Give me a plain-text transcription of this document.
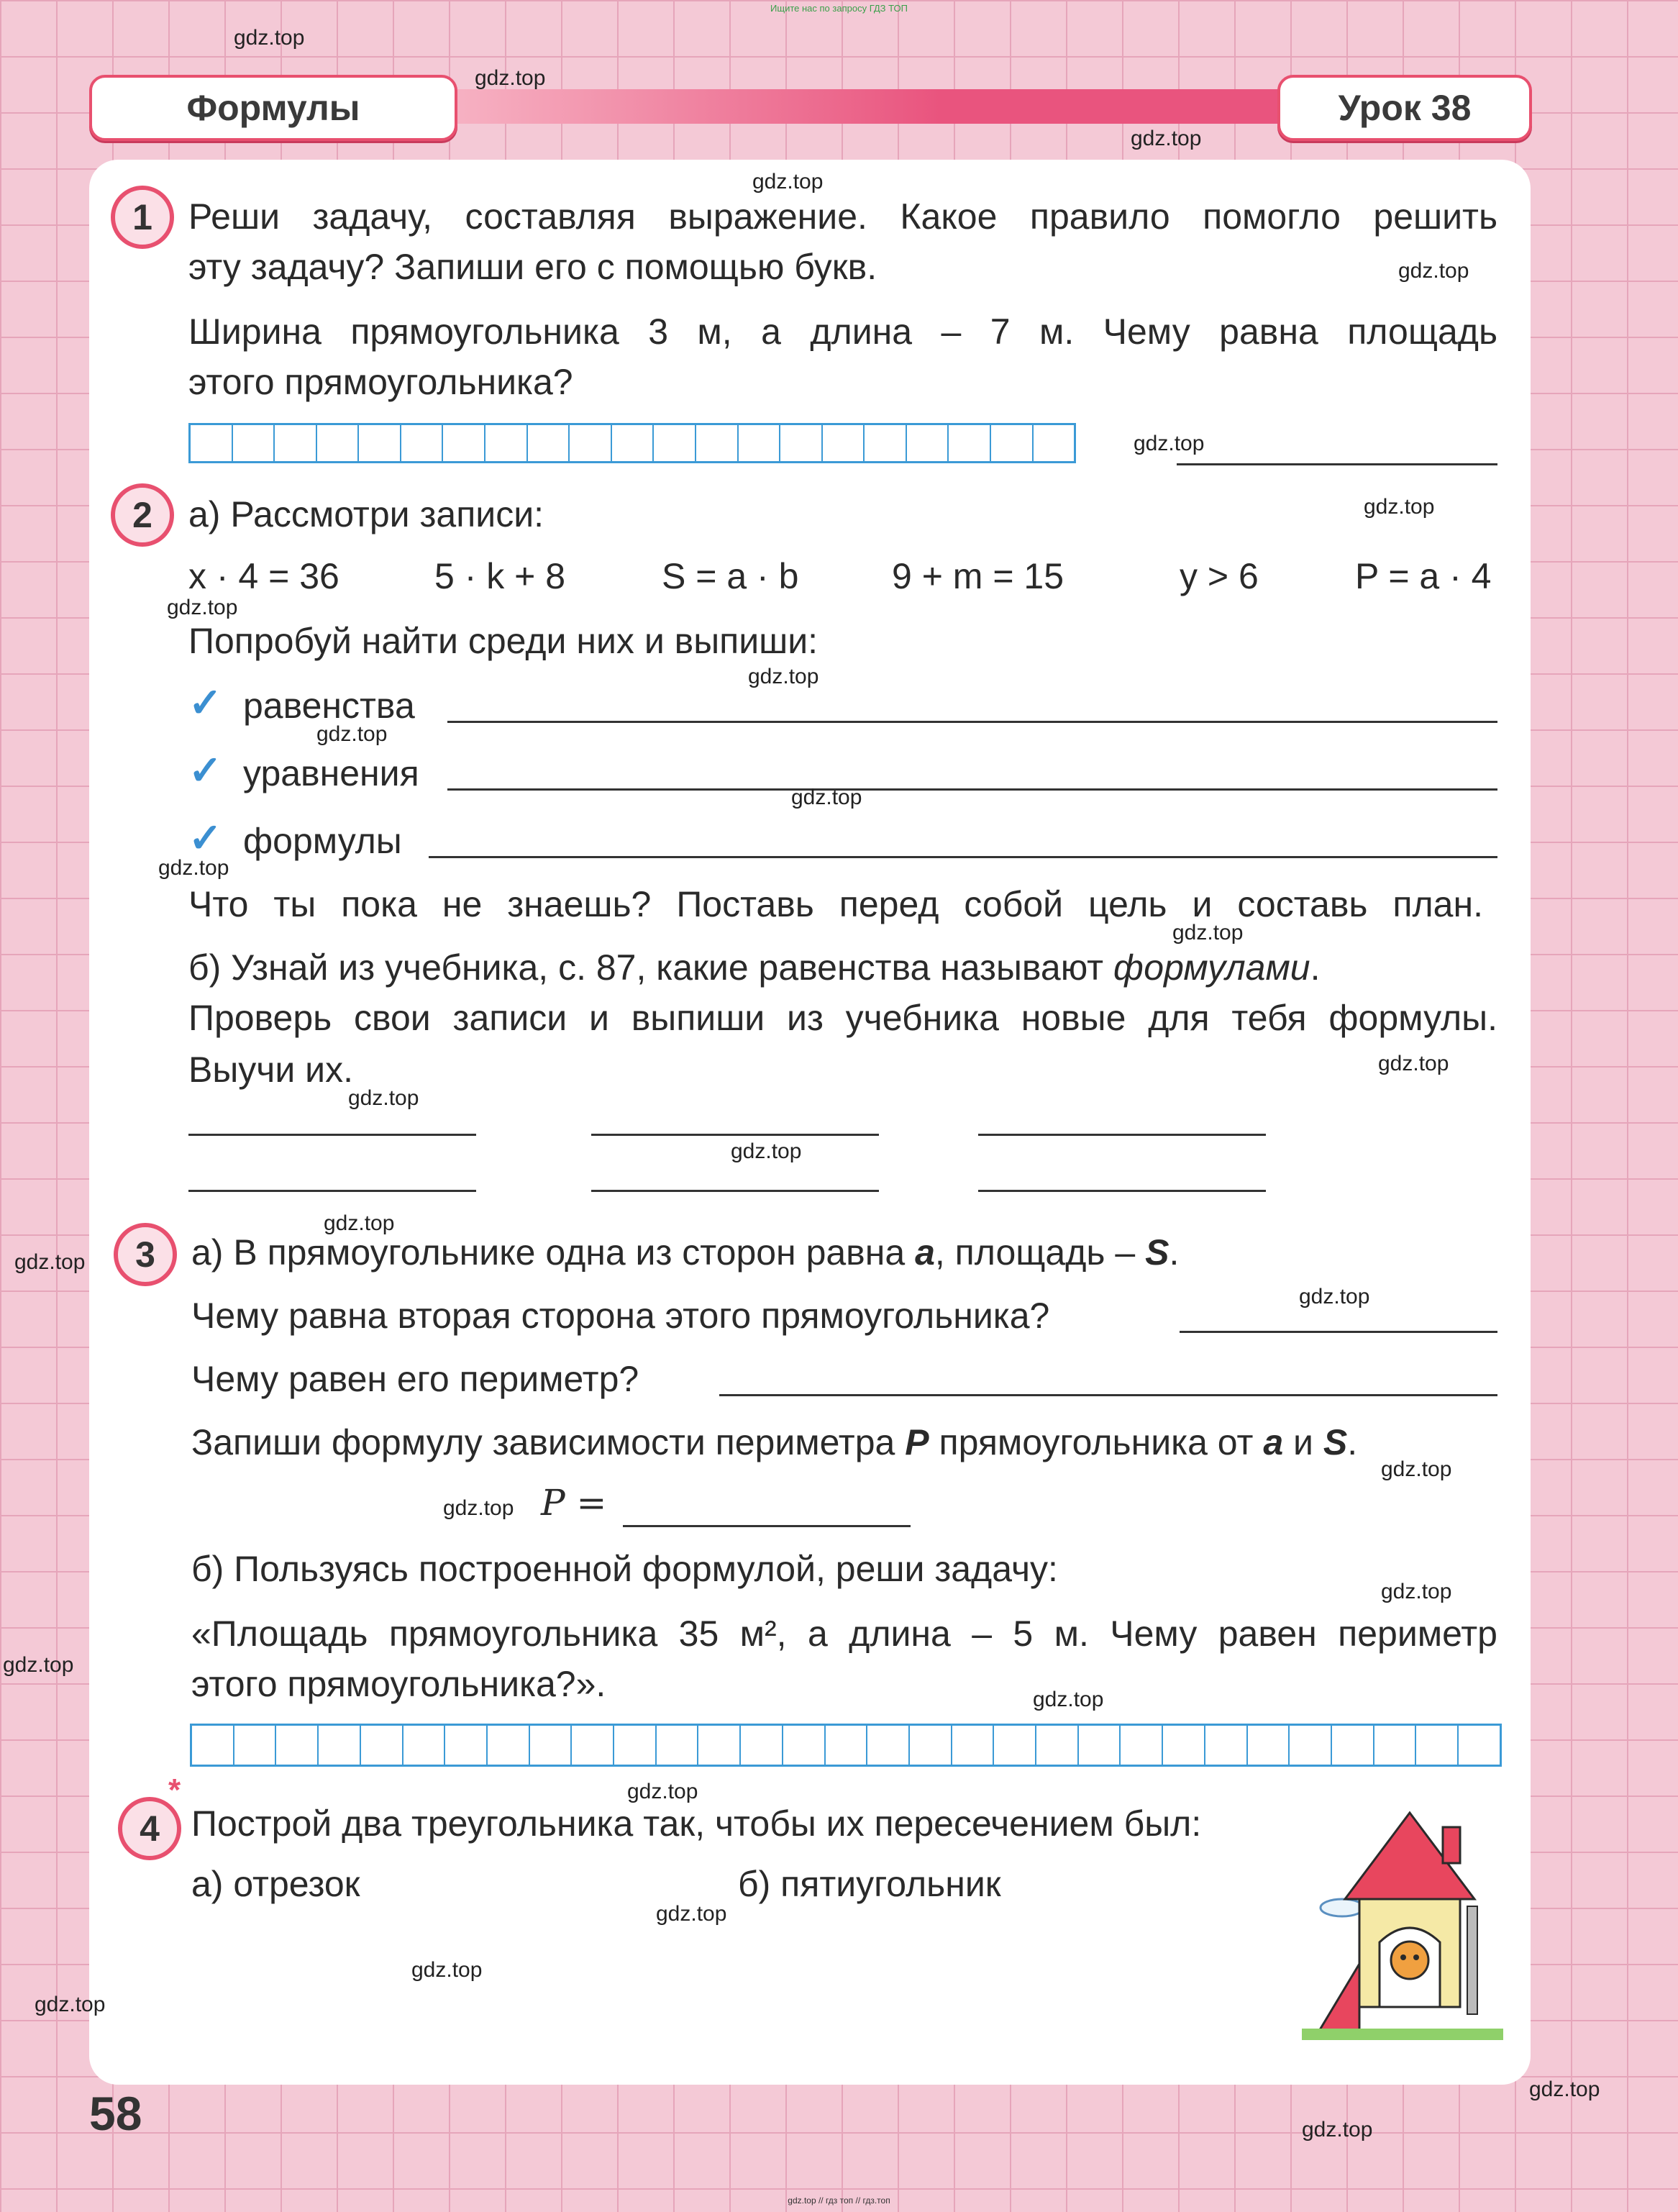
Ищите нас по запросу ГДЗ ТОП
Формулы	Урок 38
1	Реши задачу, составляя выражение. Какое правило помогло решить
эту задачу? Запиши его с помощью букв.
Ширина прямоугольника 3 м, а длина – 7 м. Чему равна площадь
этого прямоугольника?
2	а) Рассмотри записи:
x · 4 = 36	5 · k + 8	S = a · b	9 + m = 15	y > 6	P = a · 4
Попробуй найти среди них и выпиши:
✓ равенства
✓ уравнения
✓ формулы
Что ты пока не знаешь? Поставь перед собой цель и составь план.
б) Узнай из учебника, с. 87, какие равенства называют формулами.
Проверь свои записи и выпиши из учебника новые для тебя формулы.
Выучи их.
3	а) В прямоугольнике одна из сторон равна a, площадь – S.
Чему равна вторая сторона этого прямоугольника?
Чему равен его периметр?
Запиши формулу зависимости периметра P прямоугольника от a и S.
P =
б) Пользуясь построенной формулой, реши задачу:
«Площадь прямоугольника 35 м², а длина – 5 м. Чему равен периметр
этого прямоугольника?».
*
4 Построй два треугольника так, чтобы их пересечением был:
а) отрезок	б) пятиугольник
58
gdz.top
gdz.top
gdz.top
gdz.top
gdz.top
gdz.top
gdz.top
gdz.top
gdz.top
gdz.top
gdz.top
gdz.top
gdz.top
gdz.top
gdz.top
gdz.top
gdz.top
gdz.top
gdz.top
gdz.top
gdz.top
gdz.top
gdz.top
gdz.top
gdz.top
gdz.top
gdz.top
gdz.top
gdz.top
gdz.top
gdz.top // гдз топ // гдз.топ
